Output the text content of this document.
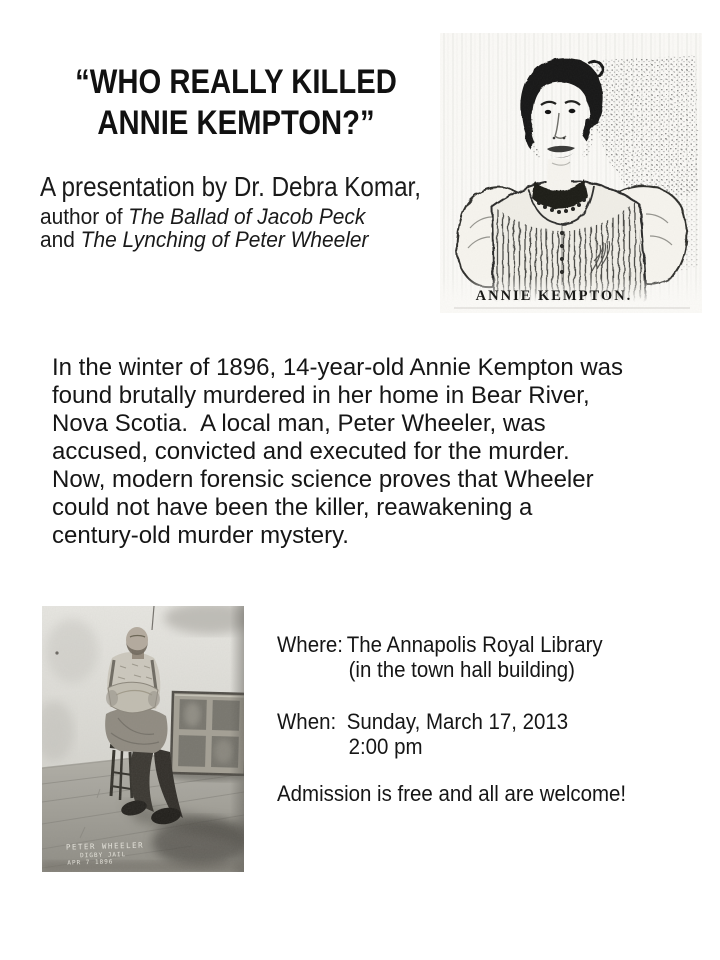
“WHO REALLY KILLED
ANNIE KEMPTON?”
A presentation by Dr. Debra Komar,
author of The Ballad of Jacob Peck
and The Lynching of Peter Wheeler
In the winter of 1896, 14-year-old Annie Kempton was
found brutally murdered in her home in Bear River,
Nova Scotia.  A local man, Peter Wheeler, was
accused, convicted and executed for the murder.
Now, modern forensic science proves that Wheeler
could not have been the killer, reawakening a
century-old murder mystery.
Where: The Annapolis Royal Library
(in the town hall building)
When: Sunday, March 17, 2013
2:00 pm
Admission is free and all are welcome!
